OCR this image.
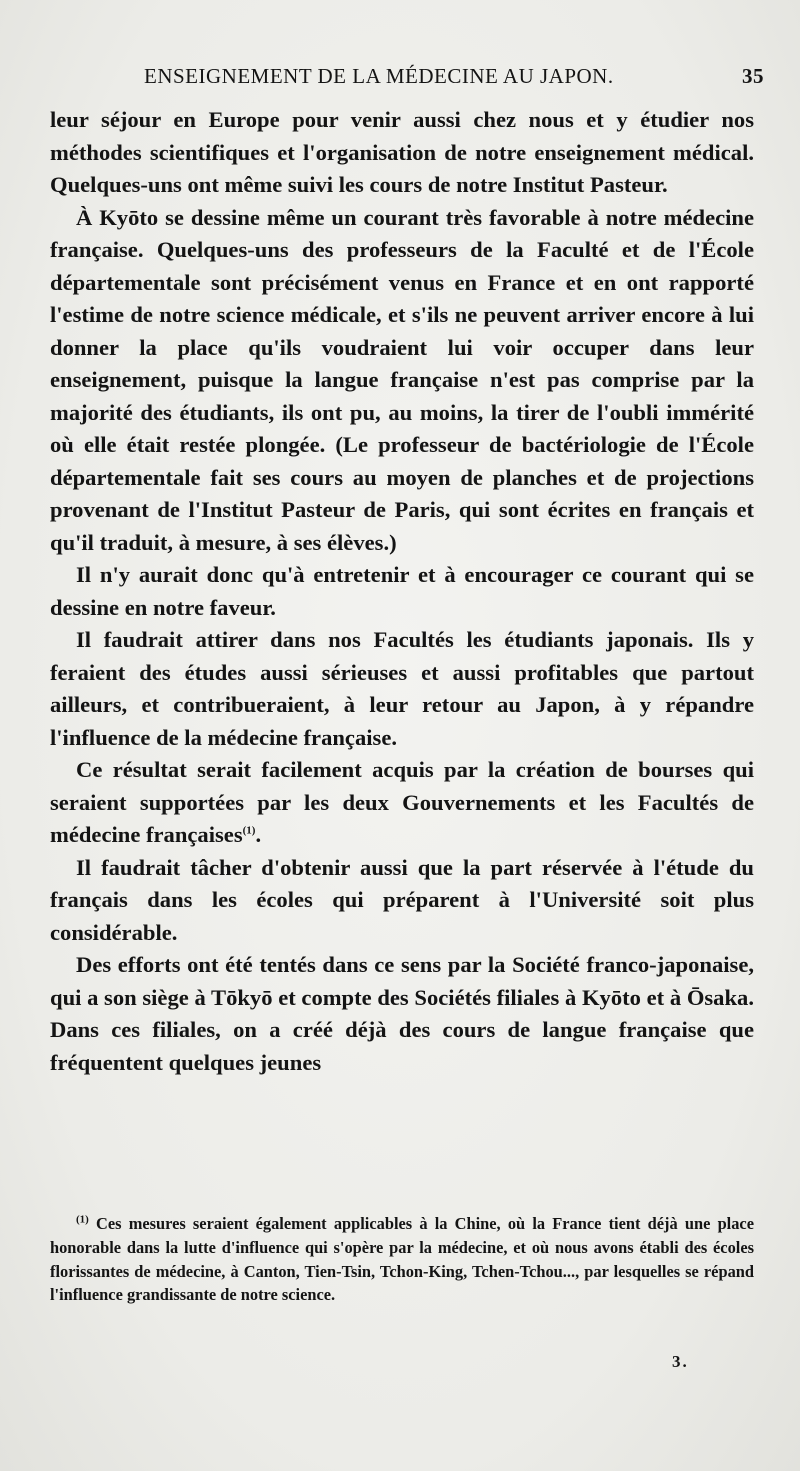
ENSEIGNEMENT DE LA MÉDECINE AU JAPON.	35

leur séjour en Europe pour venir aussi chez nous et y étudier nos méthodes scientifiques et l'organisation de notre enseignement médical. Quelques-uns ont même suivi les cours de notre Institut Pasteur.

À Kyōto se dessine même un courant très favorable à notre médecine française. Quelques-uns des professeurs de la Faculté et de l'École départementale sont précisément venus en France et en ont rapporté l'estime de notre science médicale, et s'ils ne peuvent arriver encore à lui donner la place qu'ils voudraient lui voir occuper dans leur enseignement, puisque la langue française n'est pas comprise par la majorité des étudiants, ils ont pu, au moins, la tirer de l'oubli immérité où elle était restée plongée. (Le professeur de bactériologie de l'École départementale fait ses cours au moyen de planches et de projections provenant de l'Institut Pasteur de Paris, qui sont écrites en français et qu'il traduit, à mesure, à ses élèves.)

Il n'y aurait donc qu'à entretenir et à encourager ce courant qui se dessine en notre faveur.

Il faudrait attirer dans nos Facultés les étudiants japonais. Ils y feraient des études aussi sérieuses et aussi profitables que partout ailleurs, et contribueraient, à leur retour au Japon, à y répandre l'influence de la médecine française.

Ce résultat serait facilement acquis par la création de bourses qui seraient supportées par les deux Gouvernements et les Facultés de médecine françaises$^{(1)}$.

Il faudrait tâcher d'obtenir aussi que la part réservée à l'étude du français dans les écoles qui préparent à l'Université soit plus considérable.

Des efforts ont été tentés dans ce sens par la Société franco-japonaise, qui a son siège à Tōkyō et compte des Sociétés filiales à Kyōto et à Ōsaka. Dans ces filiales, on a créé déjà des cours de langue française que fréquentent quelques jeunes

$^{(1)}$ Ces mesures seraient également applicables à la Chine, où la France tient déjà une place honorable dans la lutte d'influence qui s'opère par la médecine, et où nous avons établi des écoles florissantes de médecine, à Canton, Tien-Tsin, Tchon-King, Tchen-Tchou..., par lesquelles se répand l'influence grandissante de notre science.

3.
